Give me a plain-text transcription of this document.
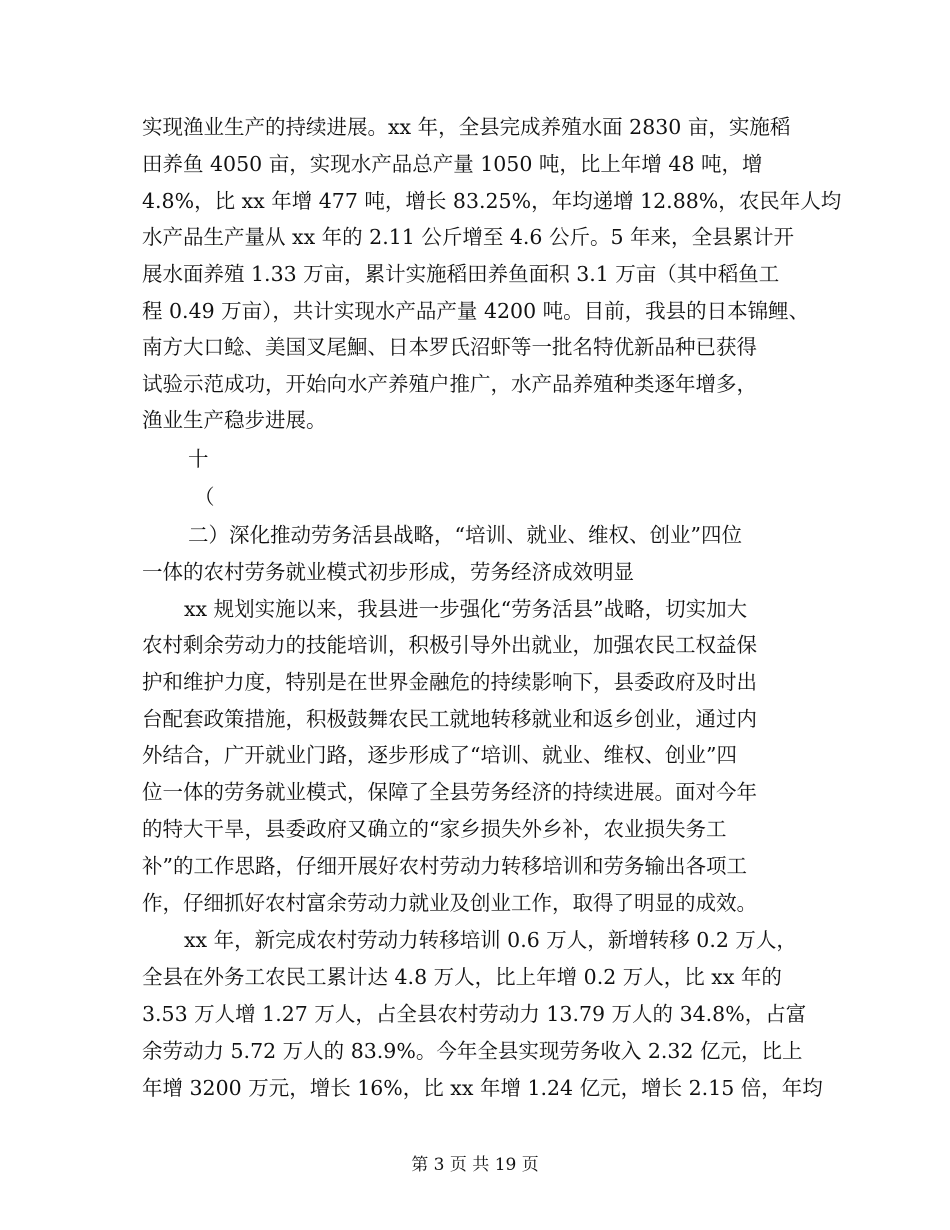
实现渔业生产的持续进展。xx 年，全县完成养殖水面 2830 亩，实施稻
田养鱼 4050 亩，实现水产品总产量 1050 吨，比上年增 48 吨，增
4.8%，比 xx 年增 477 吨，增长 83.25%，年均递增 12.88%，农民年人均
水产品生产量从 xx 年的 2.11 公斤增至 4.6 公斤。5 年来，全县累计开
展水面养殖 1.33 万亩，累计实施稻田养鱼面积 3.1 万亩（其中稻鱼工
程 0.49 万亩），共计实现水产品产量 4200 吨。目前，我县的日本锦鲤、
南方大口鲶、美国叉尾鮰、日本罗氏沼虾等一批名特优新品种已获得
试验示范成功，开始向水产养殖户推广，水产品养殖种类逐年增多，
渔业生产稳步进展。
十
（
二）深化推动劳务活县战略，“培训、就业、维权、创业”四位
一体的农村劳务就业模式初步形成，劳务经济成效明显
xx 规划实施以来，我县进一步强化“劳务活县”战略，切实加大
农村剩余劳动力的技能培训，积极引导外出就业，加强农民工权益保
护和维护力度，特别是在世界金融危的持续影响下，县委政府及时出
台配套政策措施，积极鼓舞农民工就地转移就业和返乡创业，通过内
外结合，广开就业门路，逐步形成了“培训、就业、维权、创业”四
位一体的劳务就业模式，保障了全县劳务经济的持续进展。面对今年
的特大干旱，县委政府又确立的“家乡损失外乡补，农业损失务工
补”的工作思路，仔细开展好农村劳动力转移培训和劳务输出各项工
作，仔细抓好农村富余劳动力就业及创业工作，取得了明显的成效。
xx 年，新完成农村劳动力转移培训 0.6 万人，新增转移 0.2 万人，
全县在外务工农民工累计达 4.8 万人，比上年增 0.2 万人，比 xx 年的
3.53 万人增 1.27 万人，占全县农村劳动力 13.79 万人的 34.8%，占富
余劳动力 5.72 万人的 83.9%。今年全县实现劳务收入 2.32 亿元，比上
年增 3200 万元，增长 16%，比 xx 年增 1.24 亿元，增长 2.15 倍，年均
第 3 页 共 19 页
